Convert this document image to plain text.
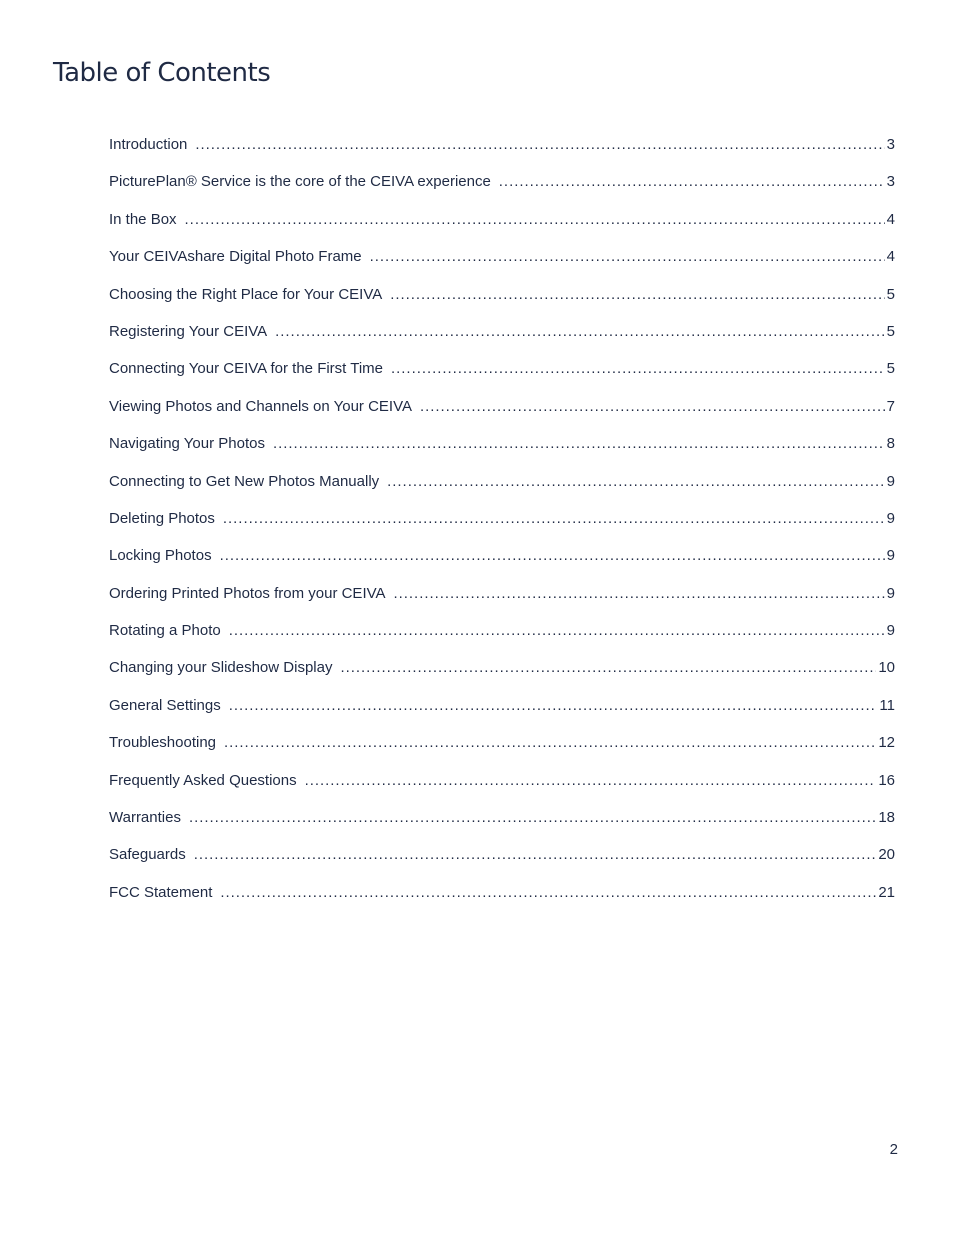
Table of Contents
Introduction . . .	3
PicturePlan® Service is the core of the CEIVA experience . . .	3
In the Box . . .	4
Your CEIVAshare Digital Photo Frame . . .	4
Choosing the Right Place for Your CEIVA . . .	5
Registering Your CEIVA . . .	5
Connecting Your CEIVA for the First Time . . .	5
Viewing Photos and Channels on Your CEIVA . . .	7
Navigating Your Photos . . .	8
Connecting to Get New Photos Manually . . .	9
Deleting Photos . . .	9
Locking Photos . . .	9
Ordering Printed Photos from your CEIVA . . .	9
Rotating a Photo . . .	9
Changing your Slideshow Display . . .	10
General Settings . . .	11
Troubleshooting . . .	12
Frequently Asked Questions . . .	16
Warranties . . .	18
Safeguards . . .	20
FCC Statement . . .	21
2
